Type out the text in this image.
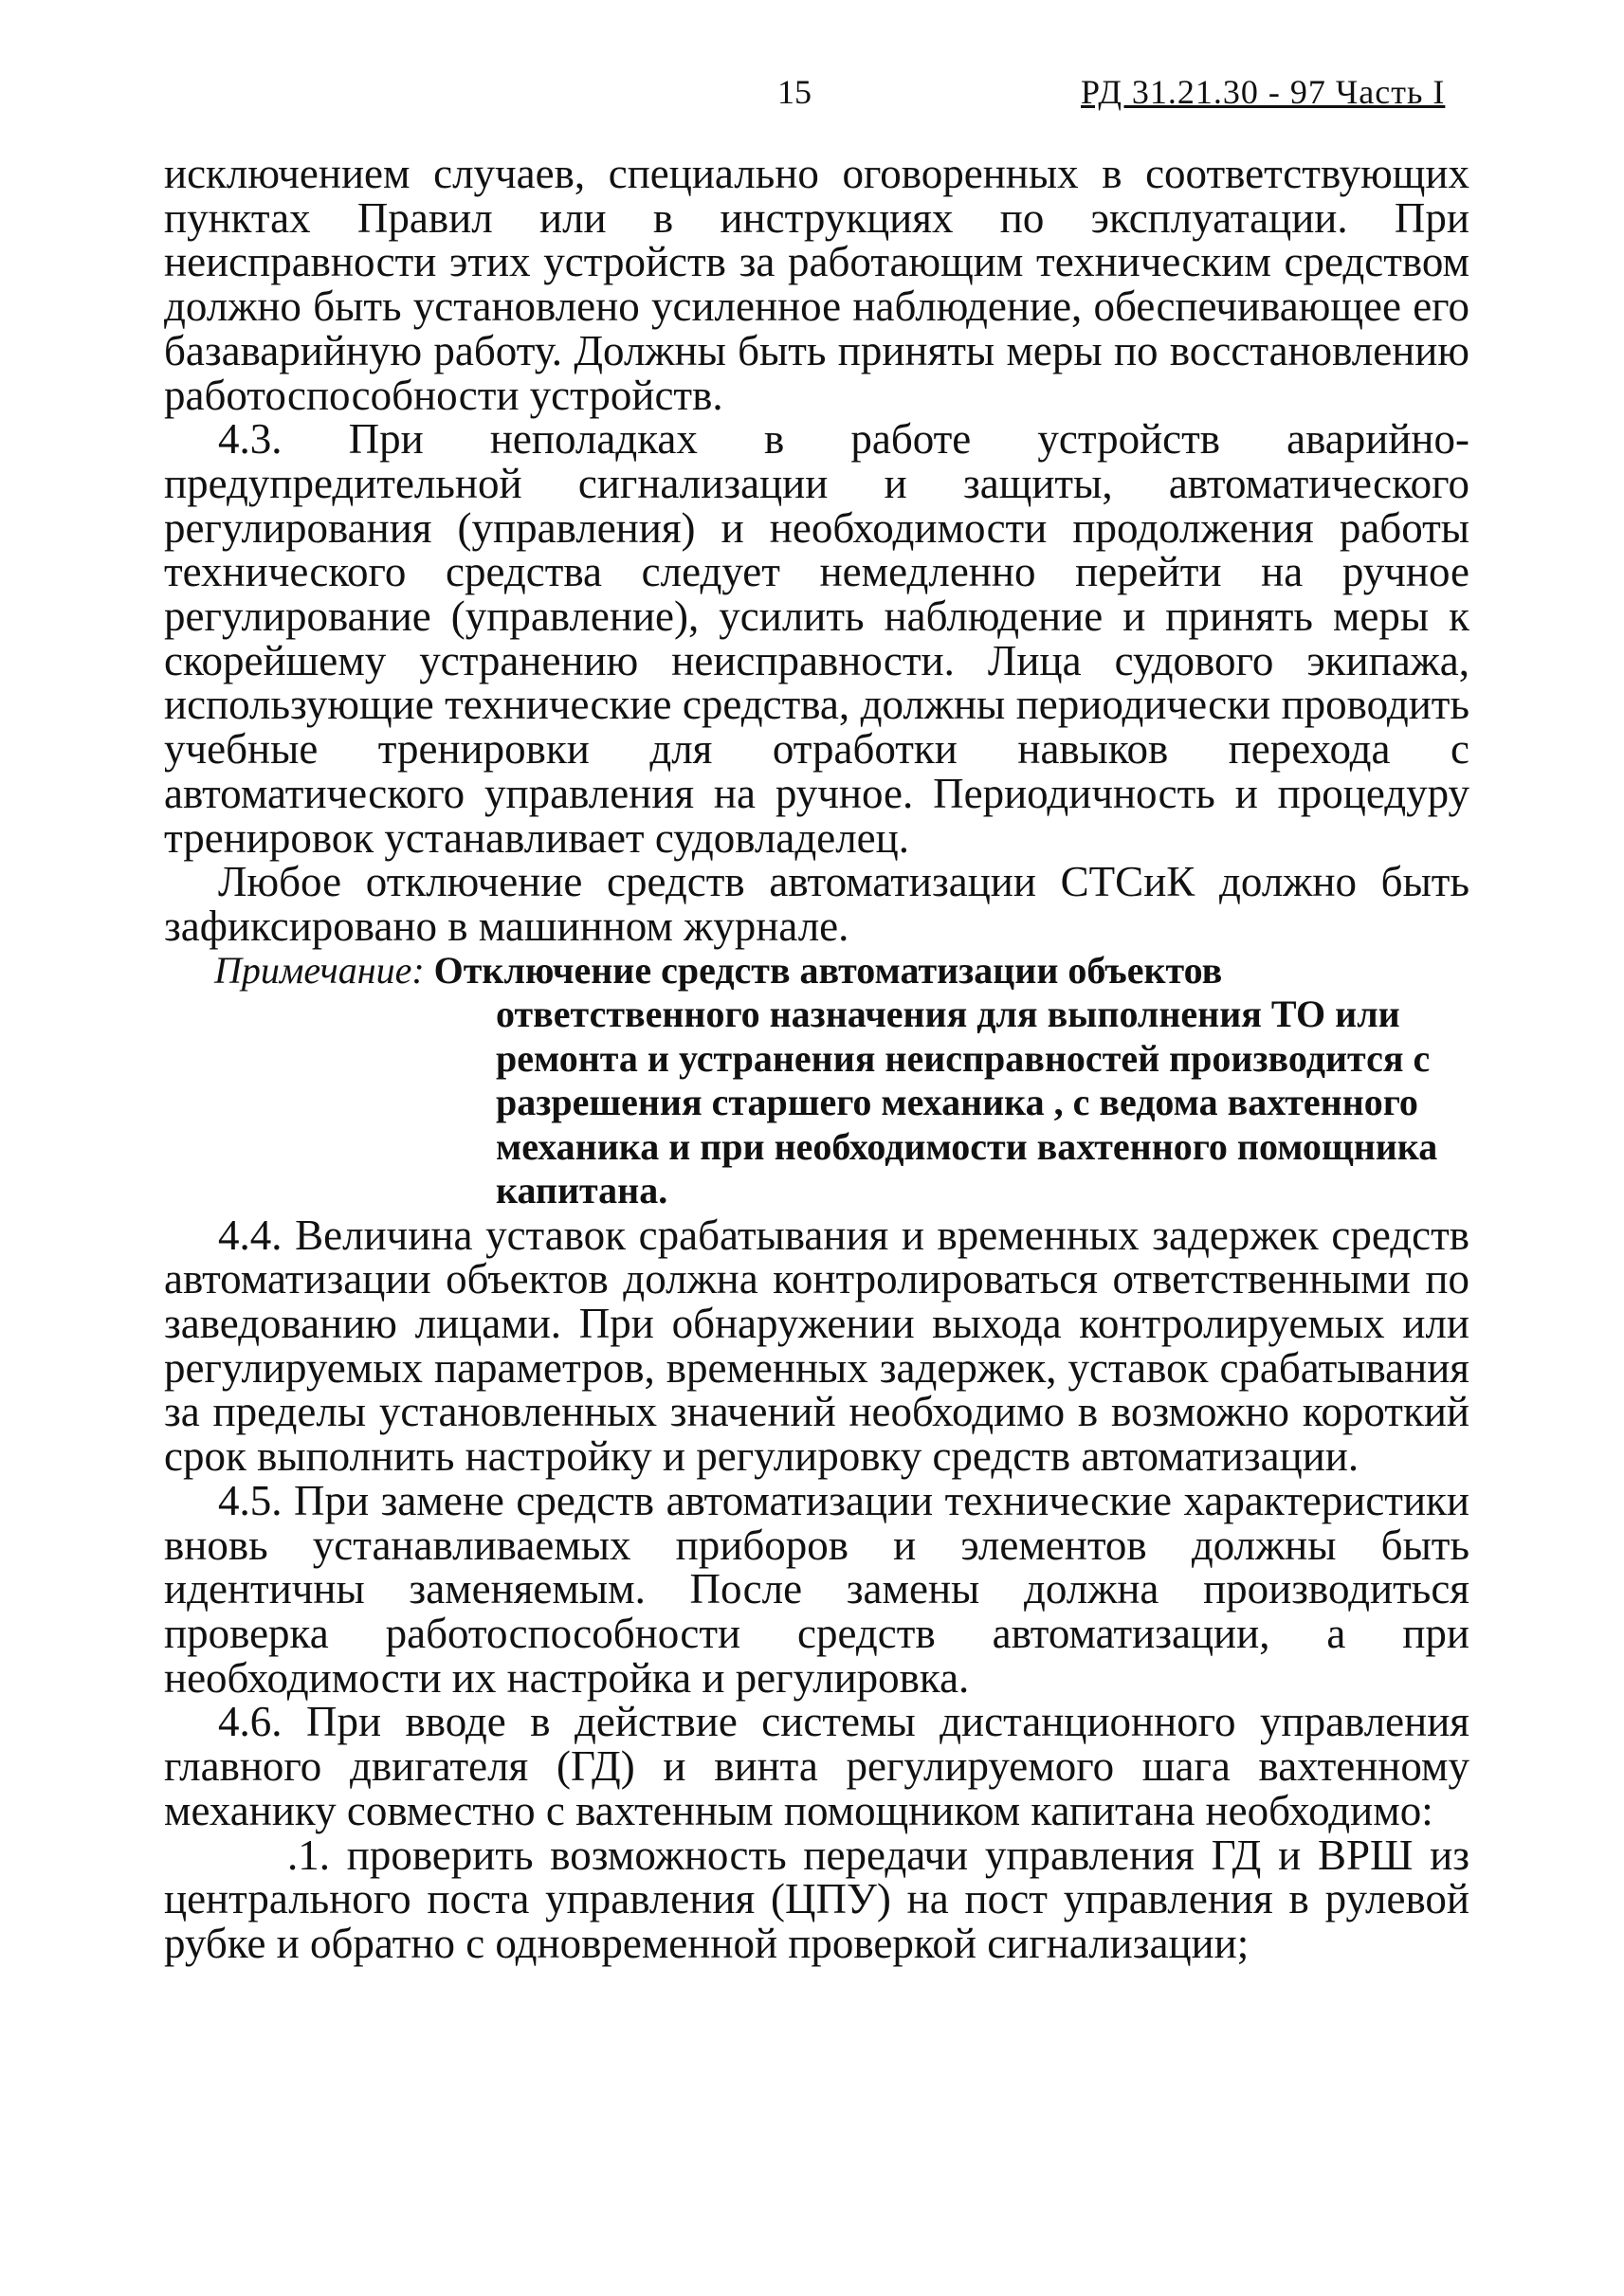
15	РД 31.21.30 - 97 Часть I

исключением случаев, специально оговоренных в соответствующих пунктах Правил или в инструкциях по эксплуатации. При неисправности этих устройств за работающим техническим средством должно быть установлено усиленное наблюдение, обеспечивающее его базаварийную работу. Должны быть приняты меры по восстановлению работоспособности устройств.

4.3. При неполадках в работе устройств аварийно-предупредительной сигнализации и защиты, автоматического регулирования (управления) и необходимости продолжения работы технического средства следует немедленно перейти на ручное регулирование (управление), усилить наблюдение и принять меры к скорейшему устранению неисправности. Лица судового экипажа, использующие технические средства, должны периодически проводить учебные тренировки для отработки навыков перехода с автоматического управления на ручное. Периодичность и процедуру тренировок устанавливает судовладелец.

Любое отключение средств автоматизации СТСиК должно быть зафиксировано в машинном журнале.

Примечание: Отключение средств автоматизации объектов ответственного назначения для выполнения ТО или ремонта и устранения неисправностей производится с разрешения старшего механика , с ведома вахтенного механика и при необходимости вахтенного помощника капитана.

4.4. Величина уставок срабатывания и временных задержек средств автоматизации объектов должна контролироваться ответственными по заведованию лицами. При обнаружении выхода контролируемых или регулируемых параметров, временных задержек, уставок срабатывания за пределы установленных значений необходимо в возможно короткий срок выполнить настройку и регулировку средств автоматизации.

4.5. При замене средств автоматизации технические характеристики вновь устанавливаемых приборов и элементов должны быть идентичны заменяемым. После замены должна производиться проверка работоспособности средств автоматизации, а при необходимости их настройка и регулировка.

4.6. При вводе в действие системы дистанционного управления главного двигателя (ГД) и винта регулируемого шага вахтенному механику совместно с вахтенным помощником капитана необходимо:

.1. проверить возможность передачи управления ГД и ВРШ из центрального поста управления (ЦПУ) на пост управления в рулевой рубке и обратно с одновременной проверкой сигнализации;
